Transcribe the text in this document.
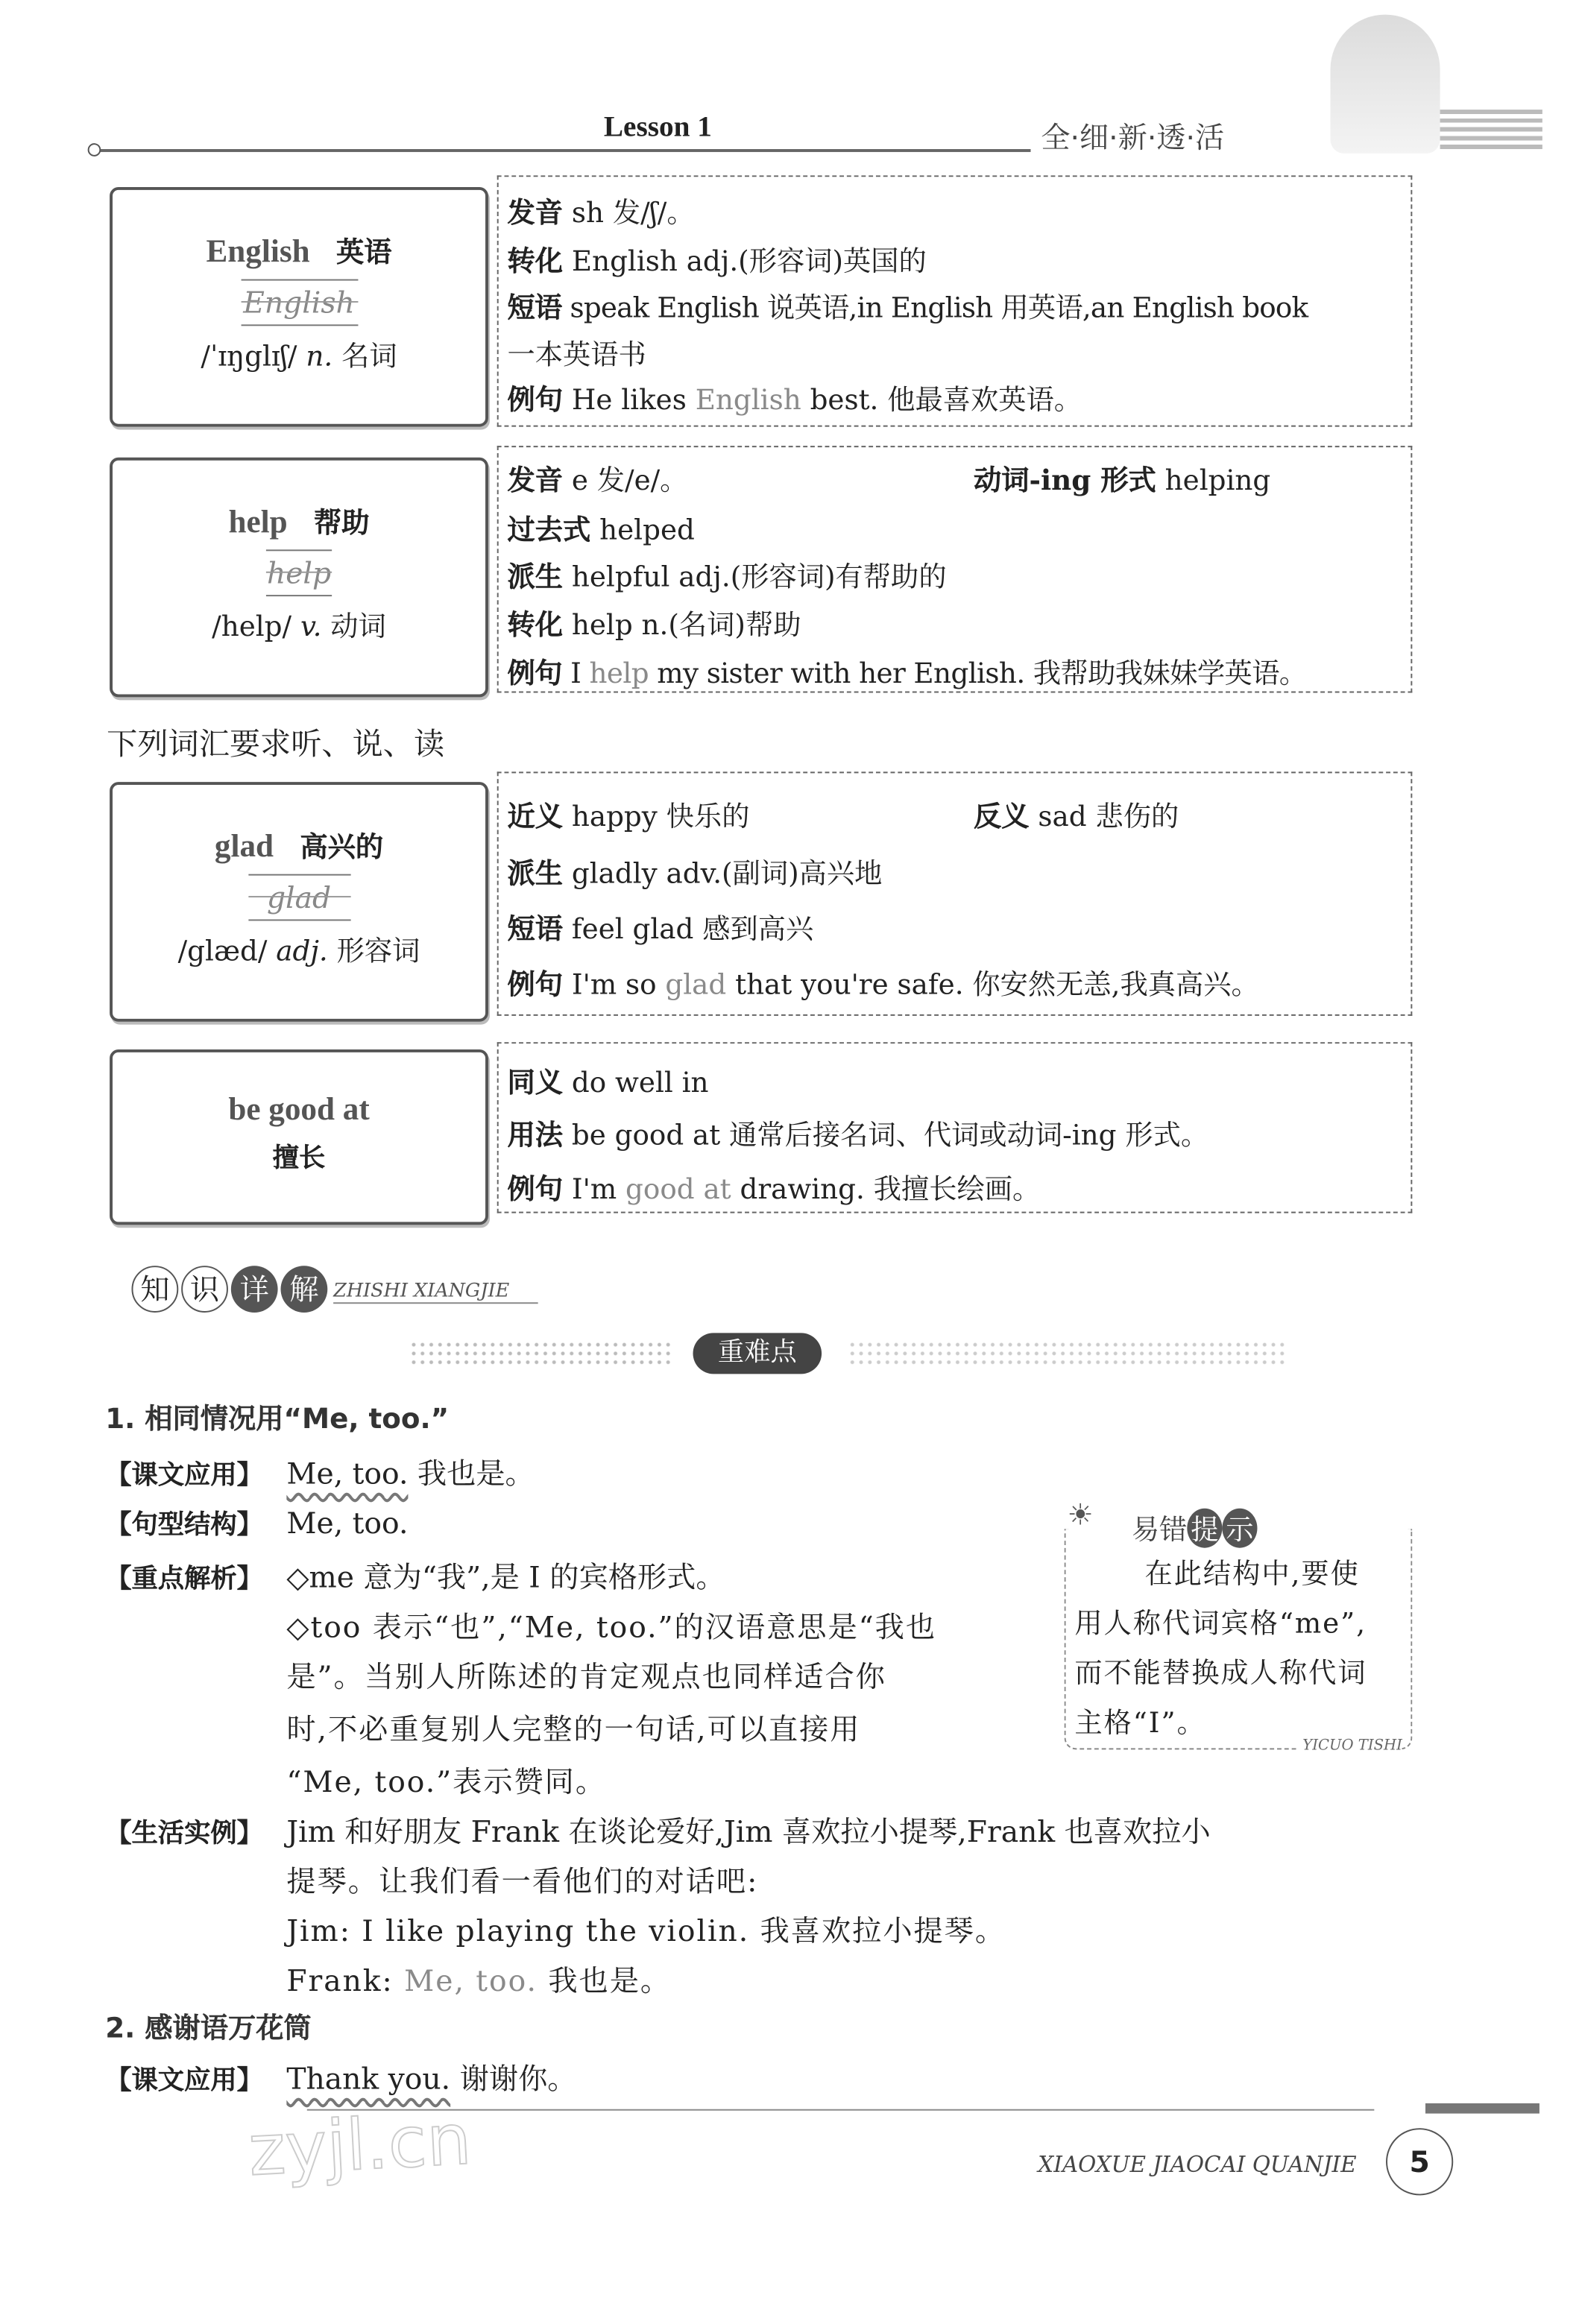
Lesson 1	全·细·新·透·活
English 英语
English
/ˈɪŋglɪʃ/ n. 名词
发音 sh 发/ʃ/。
转化 English adj.(形容词)英国的
短语 speak English 说英语,in English 用英语,an English book
一本英语书
例句 He likes English best. 他最喜欢英语。
help 帮助
help
/help/ v. 动词
发音 e 发/e/。	动词-ing 形式 helping
过去式 helped
派生 helpful adj.(形容词)有帮助的
转化 help n.(名词)帮助
例句 I help my sister with her English. 我帮助我妹妹学英语。
下列词汇要求听、说、读
glad 高兴的
glad
/glæd/ adj. 形容词
近义 happy 快乐的	反义 sad 悲伤的
派生 gladly adv.(副词)高兴地
短语 feel glad 感到高兴
例句 I'm so glad that you're safe. 你安然无恙,我真高兴。
be good at
擅长
同义 do well in
用法 be good at 通常后接名词、代词或动词-ing 形式。
例句 I'm good at drawing. 我擅长绘画。
知	识	详	解	ZHISHI XIANGJIE
重难点
1. 相同情况用“Me, too.”
【课文应用】 Me, too. 我也是。
【句型结构】 Me, too.
【重点解析】 ◇me 意为“我”,是 I 的宾格形式。
◇too 表示“也”,“Me, too.”的汉语意思是“我也
是”。当别人所陈述的肯定观点也同样适合你
时,不必重复别人完整的一句话,可以直接用
“Me, too.”表示赞同。
【生活实例】 Jim 和好朋友 Frank 在谈论爱好,Jim 喜欢拉小提琴,Frank 也喜欢拉小
提琴。让我们看一看他们的对话吧:
Jim: I like playing the violin. 我喜欢拉小提琴。
Frank: Me, too. 我也是。
☀	易错 提 示
在此结构中,要使
用人称代词宾格“me”,
而不能替换成人称代词
主格“I”。
YICUO TISHI
2. 感谢语万花筒
【课文应用】 Thank you. 谢谢你。
zyjl.cn	XIAOXUE JIAOCAI QUANJIE	5
